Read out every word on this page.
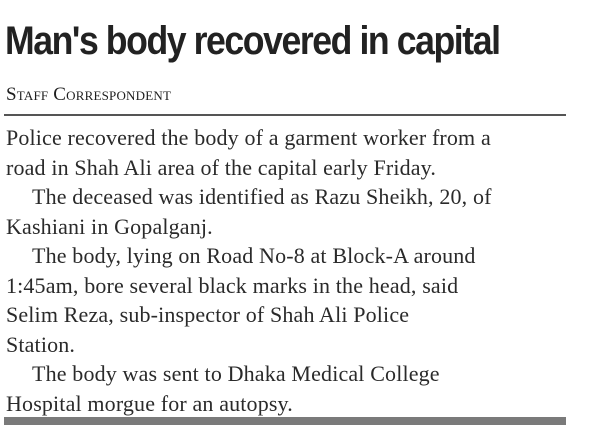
Man's body recovered in capital
Staff Correspondent

Police recovered the body of a garment worker from a
road in Shah Ali area of the capital early Friday.

The deceased was identified as Razu Sheikh, 20, of
Kashiani in Gopalganj.

The body, lying on Road No-8 at Block-A around
1:45am, bore several black marks in the head, said
Selim Reza, sub-inspector of Shah Ali Police
Station.

The body was sent to Dhaka Medical College
Hospital morgue for an autopsy.
